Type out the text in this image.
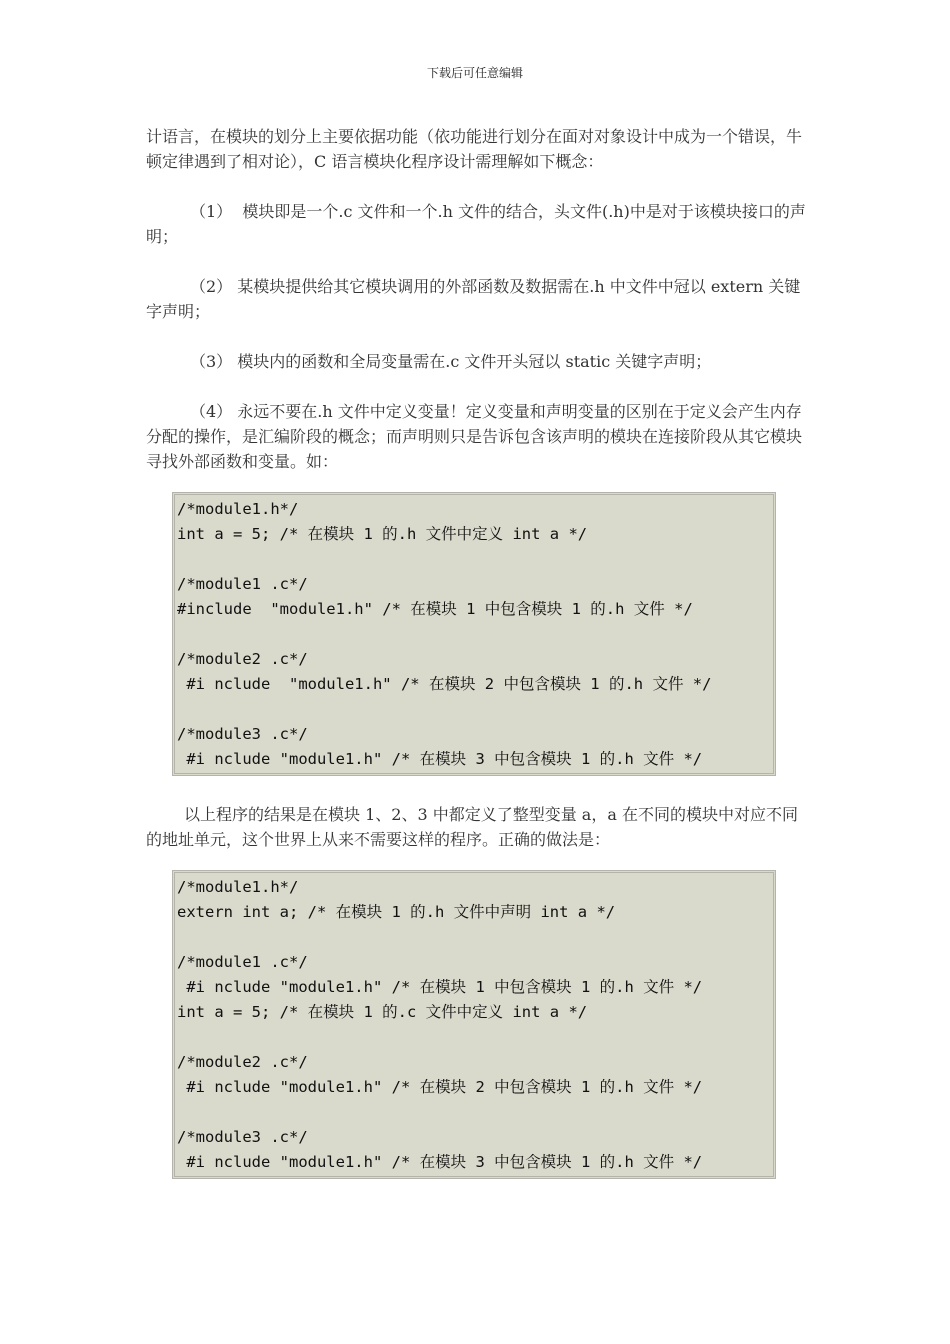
下载后可任意编辑

计语言，在模块的划分上主要依据功能（依功能进行划分在面对对象设计中成为一个错误，牛顿定律遇到了相对论），C 语言模块化程序设计需理解如下概念：

（1）  模块即是一个.c 文件和一个.h 文件的结合，头文件(.h)中是对于该模块接口的声明；

（2） 某模块提供给其它模块调用的外部函数及数据需在.h 中文件中冠以 extern 关键字声明；

（3） 模块内的函数和全局变量需在.c 文件开头冠以 static 关键字声明；

（4） 永远不要在.h 文件中定义变量！定义变量和声明变量的区别在于定义会产生内存分配的操作，是汇编阶段的概念；而声明则只是告诉包含该声明的模块在连接阶段从其它模块寻找外部函数和变量。如：

/*module1.h*/

int a = 5; /* 在模块 1 的.h 文件中定义 int a */

/*module1 .c*/

#include  "module1.h" /* 在模块 1 中包含模块 1 的.h 文件 */

/*module2 .c*/

#i nclude  "module1.h" /* 在模块 2 中包含模块 1 的.h 文件 */

/*module3 .c*/

#i nclude "module1.h" /* 在模块 3 中包含模块 1 的.h 文件 */

以上程序的结果是在模块 1、2、3 中都定义了整型变量 a，a 在不同的模块中对应不同的地址单元，这个世界上从来不需要这样的程序。正确的做法是：

/*module1.h*/

extern int a; /* 在模块 1 的.h 文件中声明 int a */

/*module1 .c*/

#i nclude "module1.h" /* 在模块 1 中包含模块 1 的.h 文件 */

int a = 5; /* 在模块 1 的.c 文件中定义 int a */

/*module2 .c*/

#i nclude "module1.h" /* 在模块 2 中包含模块 1 的.h 文件 */

/*module3 .c*/

#i nclude "module1.h" /* 在模块 3 中包含模块 1 的.h 文件 */
